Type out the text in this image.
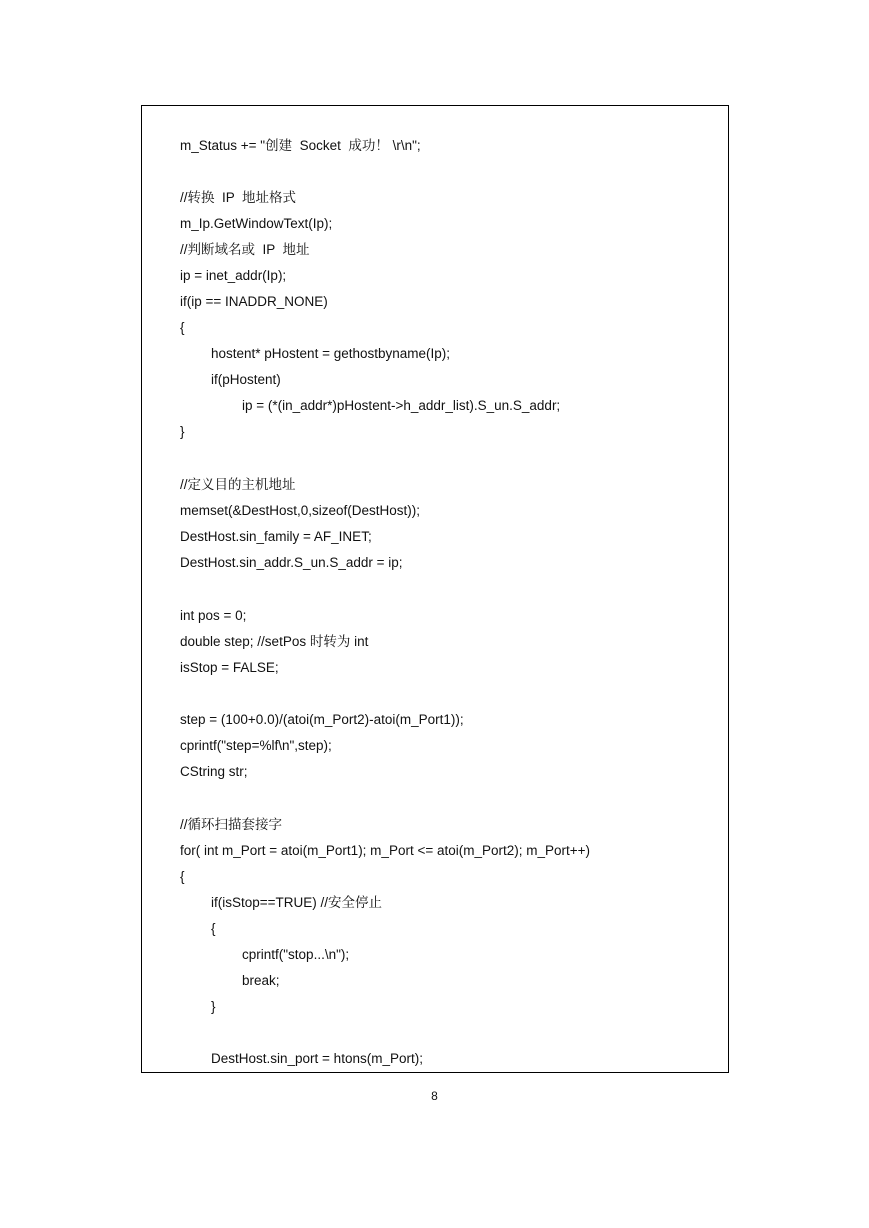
m_Status += "创建  Socket  成功！ \r\n";
//转换  IP  地址格式
m_Ip.GetWindowText(Ip);
//判断域名或  IP  地址
ip = inet_addr(Ip);
if(ip == INADDR_NONE)
{
hostent* pHostent = gethostbyname(Ip);
if(pHostent)
ip = (*(in_addr*)pHostent->h_addr_list).S_un.S_addr;
}
//定义目的主机地址
memset(&DestHost,0,sizeof(DestHost));
DestHost.sin_family = AF_INET;
DestHost.sin_addr.S_un.S_addr = ip;
int pos = 0;
double step; //setPos 时转为 int
isStop = FALSE;
step = (100+0.0)/(atoi(m_Port2)-atoi(m_Port1));
cprintf("step=%lf\n",step);
CString str;
//循环扫描套接字
for( int m_Port = atoi(m_Port1); m_Port <= atoi(m_Port2); m_Port++)
{
if(isStop==TRUE) //安全停止
{
cprintf("stop...\n");
break;
}
DestHost.sin_port = htons(m_Port);
8
